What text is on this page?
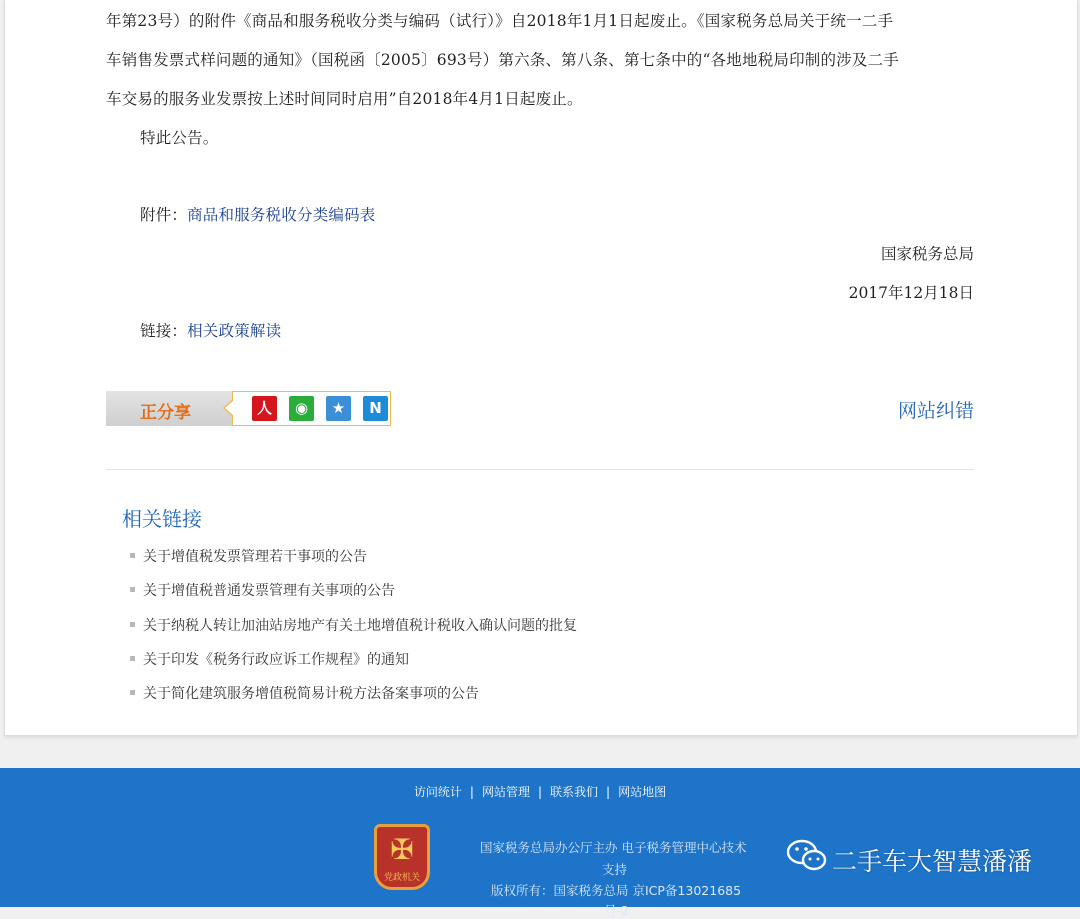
年第23号）的附件《商品和服务税收分类与编码（试行）》自2018年1月1日起废止。《国家税务总局关于统一二手
车销售发票式样问题的通知》（国税函〔2005〕693号）第六条、第八条、第七条中的“各地地税局印制的涉及二手
车交易的服务业发票按上述时间同时启用”自2018年4月1日起废止。
特此公告。
附件：商品和服务税收分类编码表
国家税务总局
2017年12月18日
链接：相关政策解读
正分享	人	◉	★	N	网站纠错
相关链接
关于增值税发票管理若干事项的公告
关于增值税普通发票管理有关事项的公告
关于纳税人转让加油站房地产有关土地增值税计税收入确认问题的批复
关于印发《税务行政应诉工作规程》的通知
关于简化建筑服务增值税简易计税方法备案事项的公告
访问统计 | 网站管理 | 联系我们 | 网站地图
✠
党政机关
国家税务总局办公厅主办 电子税务管理中心技术
支持
版权所有：国家税务总局 京ICP备13021685
号-2
二手车大智慧潘潘
